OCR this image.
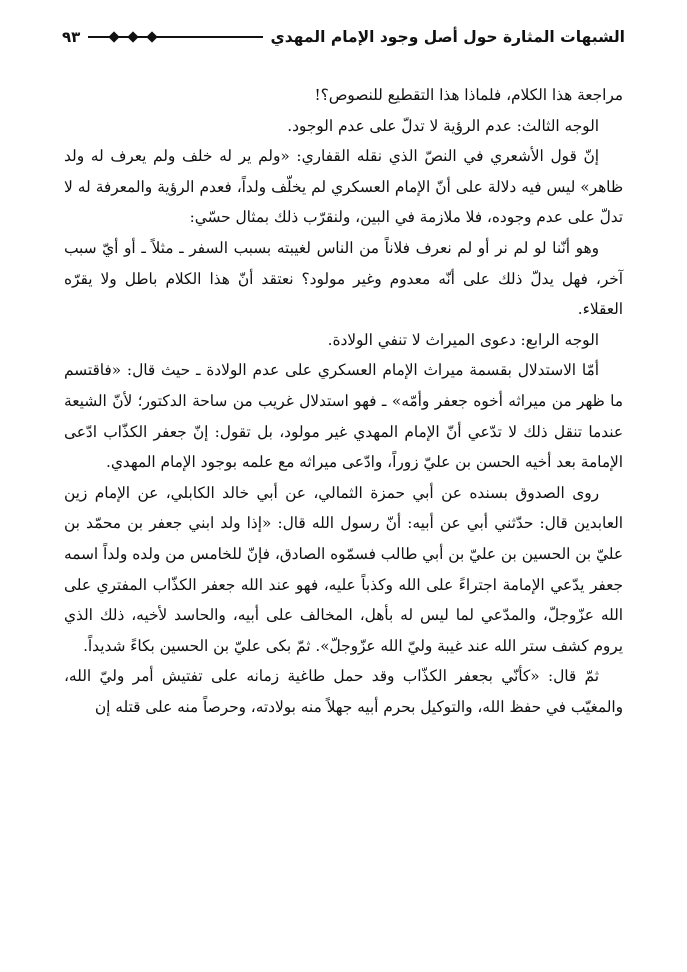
الشبهات المثارة حول أصل وجود الإمام المهدي
٩٣

مراجعة هذا الكلام، فلماذا هذا التقطيع للنصوص؟!

الوجه الثالث: عدم الرؤية لا تدلّ على عدم الوجود.

إنّ قول الأشعري في النصّ الذي نقله القفاري: «ولم ير له خلف ولم يعرف له ولد ظاهر» ليس فيه دلالة على أنّ الإمام العسكري لم يخلّف ولداً، فعدم الرؤية والمعرفة له لا تدلّ على عدم وجوده، فلا ملازمة في البين، ولنقرّب ذلك بمثال حسّي:

وهو أنّنا لو لم نر أو لم نعرف فلاناً من الناس لغيبته بسبب السفر ـ مثلاً ـ أو أيّ سبب آخر، فهل يدلّ ذلك على أنّه معدوم وغير مولود؟ نعتقد أنّ هذا الكلام باطل ولا يقرّه العقلاء.

الوجه الرابع: دعوى الميراث لا تنفي الولادة.

أمّا الاستدلال بقسمة ميراث الإمام العسكري على عدم الولادة ـ حيث قال: «فاقتسم ما ظهر من ميراثه أخوه جعفر وأمّه» ـ فهو استدلال غريب من ساحة الدكتور؛ لأنّ الشيعة عندما تنقل ذلك لا تدّعي أنّ الإمام المهدي غير مولود، بل تقول: إنّ جعفر الكذّاب ادّعى الإمامة بعد أخيه الحسن بن عليّ زوراً، وادّعى ميراثه مع علمه بوجود الإمام المهدي.

روى الصدوق بسنده عن أبي حمزة الثمالي، عن أبي خالد الكابلي، عن الإمام زين العابدين قال: حدّثني أبي عن أبيه: أنّ رسول الله قال: «إذا ولد ابني جعفر بن محمّد بن عليّ بن الحسين بن عليّ بن أبي طالب فسمّوه الصادق، فإنّ للخامس من ولده ولداً اسمه جعفر يدّعي الإمامة اجتراءً على الله وكذباً عليه، فهو عند الله جعفر الكذّاب المفتري على الله عزّوجلّ، والمدّعي لما ليس له بأهل، المخالف على أبيه، والحاسد لأخيه، ذلك الذي يروم كشف ستر الله عند غيبة وليّ الله عزّوجلّ». ثمّ بكى عليّ بن الحسين بكاءً شديداً.

ثمّ قال: «كأنّي بجعفر الكذّاب وقد حمل طاغية زمانه على تفتيش أمر وليّ الله، والمغيّب في حفظ الله، والتوكيل بحرم أبيه جهلاً منه بولادته، وحرصاً منه على قتله إن
